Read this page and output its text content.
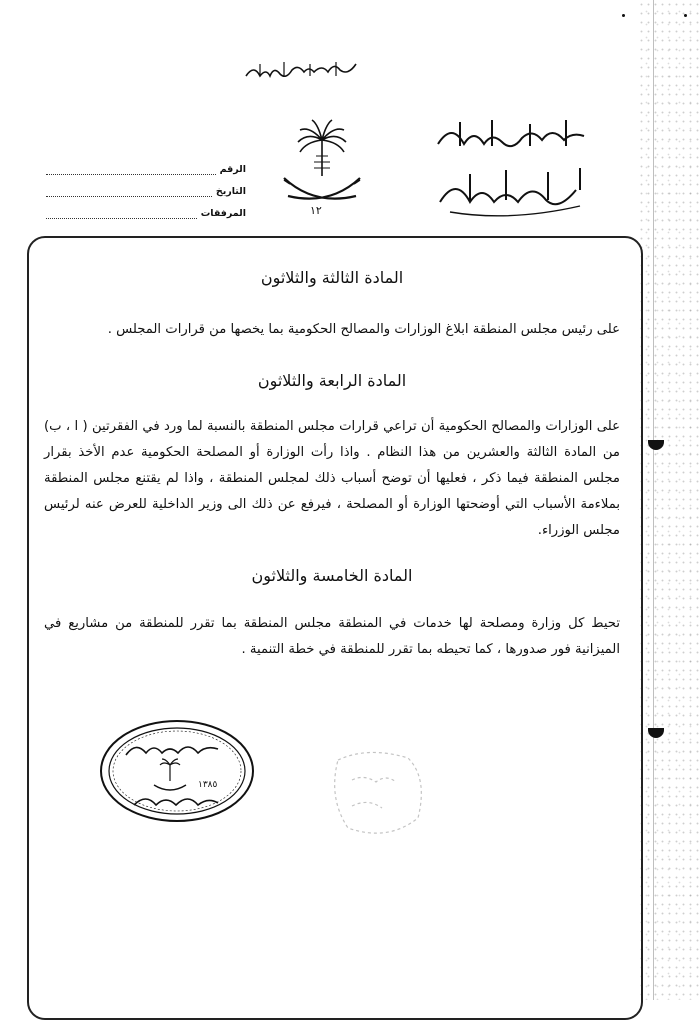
١٢
الرقم
التاريخ
المرفقات
المادة الثالثة والثلاثون

على رئيس مجلس المنطقة ابلاغ الوزارات والمصالح الحكومية بما يخصها من قرارات المجلس .

المادة الرابعة والثلاثون

على الوزارات والمصالح الحكومية أن تراعي قرارات مجلس المنطقة بالنسبة لما ورد في الفقرتين ( ا ، ب) من المادة الثالثة والعشرين من هذا النظام . واذا رأت الوزارة أو المصلحة الحكومية عدم الأخذ بقرار مجلس المنطقة فيما ذكر ، فعليها أن توضح أسباب ذلك لمجلس المنطقة ، واذا لم يقتنع مجلس المنطقة بملاءمة الأسباب التي أوضحتها الوزارة أو المصلحة ، فيرفع عن ذلك الى وزير الداخلية للعرض عنه لرئيس مجلس الوزراء.

المادة الخامسة والثلاثون

تحيط كل وزارة ومصلحة لها خدمات في المنطقة مجلس المنطقة بما تقرر للمنطقة من مشاريع في الميزانية فور صدورها ، كما تحيطه بما تقرر للمنطقة في خطة التنمية .

١٣٨٥
